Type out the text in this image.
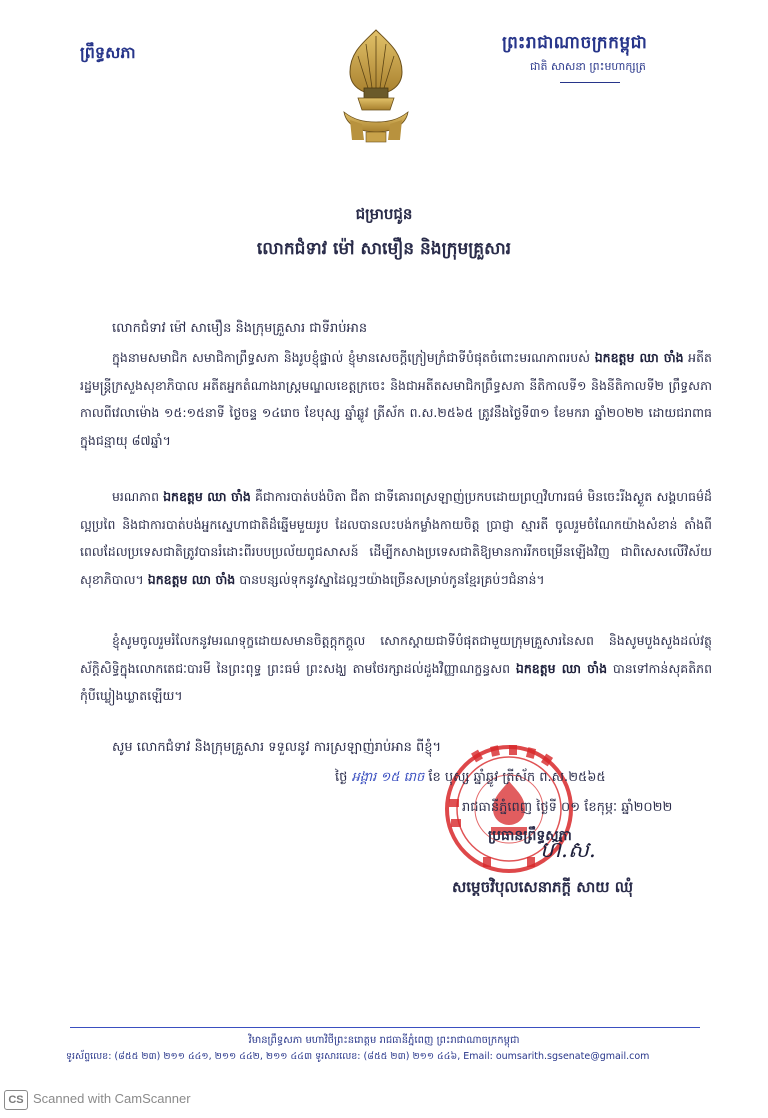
ព្រឹទ្ធសភា	ព្រះរាជាណាចក្រកម្ពុជា
ជាតិ សាសនា ព្រះមហាក្សត្រ
ជម្រាបជូន
លោកជំទាវ ម៉ៅ សាមឿន និងក្រុមគ្រួសារ
លោកជំទាវ ម៉ៅ សាមឿន និងក្រុមគ្រួសារ ជាទីរាប់អាន
ក្នុងនាមសមាជិក សមាជិកាព្រឹទ្ធសភា និងរូបខ្ញុំផ្ទាល់ ខ្ញុំមានសេចក្តីក្រៀមក្រំជាទីបំផុតចំពោះមរណភាពរបស់ ឯកឧត្តម ឈា ចាំង អតីតរដ្ឋមន្ត្រីក្រសួងសុខាភិបាល អតីតអ្នកតំណាងរាស្ត្រមណ្ឌលខេត្តក្រចេះ និងជាអតីតសមាជិកព្រឹទ្ធសភា នីតិកាលទី១ និងនីតិកាលទី២ ព្រឹទ្ធសភា កាលពីវេលាម៉ោង ១៥:១៥នាទី ថ្ងៃចន្ទ ១៤រោច ខែបុស្ស ឆ្នាំឆ្លូវ ត្រីស័ក ព.ស.២៥៦៥ ត្រូវនឹងថ្ងៃទី៣១ ខែមករា ឆ្នាំ២០២២ ដោយជរាពាធ ក្នុងជន្មាយុ ៨៧ឆ្នាំ។
មរណភាព ឯកឧត្តម ឈា ចាំង គឺជាការបាត់បង់បិតា ជីតា ជាទីគោរពស្រឡាញ់ប្រកបដោយព្រហ្មវិហារធម៌ មិនចេះរីងស្ងួត សង្គហធម៌ដ៏ល្អប្រពៃ និងជាការបាត់បង់អ្នកស្នេហាជាតិដ៏ឆ្នើមមួយរូប ដែលបានលះបង់កម្លាំងកាយចិត្ត ប្រាជ្ញា ស្មារតី ចូលរួមចំណែកយ៉ាងសំខាន់ តាំងពីពេលដែលប្រទេសជាតិត្រូវបានរំដោះពីរបបប្រល័យពូជសាសន៍ ដើម្បីកសាងប្រទេសជាតិឱ្យមានការរីកចម្រើនឡើងវិញ ជាពិសេសលើវិស័យសុខាភិបាល។ ឯកឧត្តម ឈា ចាំង បានបន្សល់ទុកនូវស្នាដៃល្អៗយ៉ាងច្រើនសម្រាប់កូនខ្មែរគ្រប់ៗជំនាន់។
ខ្ញុំសូមចូលរួមរំលែកនូវមរណទុក្ខដោយសមានចិត្តក្តុកក្តួល សោកស្តាយជាទីបំផុតជាមួយក្រុមគ្រួសារនៃសព និងសូមបួងសួងដល់វត្ថុស័ក្តិសិទ្ធិក្នុងលោកតេជៈបារមី នៃព្រះពុទ្ធ ព្រះធម៌ ព្រះសង្ឃ តាមថែរក្សាដល់ដួងវិញ្ញាណក្ខន្ធសព ឯកឧត្តម ឈា ចាំង បានទៅកាន់សុគតិភពកុំបីឃ្លៀងឃ្លាតឡើយ។
សូម លោកជំទាវ និងក្រុមគ្រួសារ ទទួលនូវ ការស្រឡាញ់រាប់អាន ពីខ្ញុំ។
ថ្ងៃ អង្គារ ១៥ រោច ខែ បុស្ស ឆ្នាំឆ្លូវ ត្រីស័ក ព.ស.២៥៦៥
រាជធានីភ្នំពេញ ថ្ងៃទី ០១ ខែកុម្ភៈ ឆ្នាំ២០២២
ប្រធានព្រឹទ្ធសភា
ហ៊.ស.
សម្តេចវិបុលសេនាភក្តី សាយ ឈុំ
វិមានព្រឹទ្ធសភា មហាវិថីព្រះនរោត្តម រាជធានីភ្នំពេញ ព្រះរាជាណាចក្រកម្ពុជា
ទូរស័ព្ទលេខ: (៨៥៥ ២៣) ២១១ ៤៤១, ២១១ ៤៤២, ២១១ ៤៤៣ ទូរសារលេខ: (៨៥៥ ២៣) ២១១ ៤៤៦, Email: oumsarith.sgsenate@gmail.com
CS Scanned with CamScanner
